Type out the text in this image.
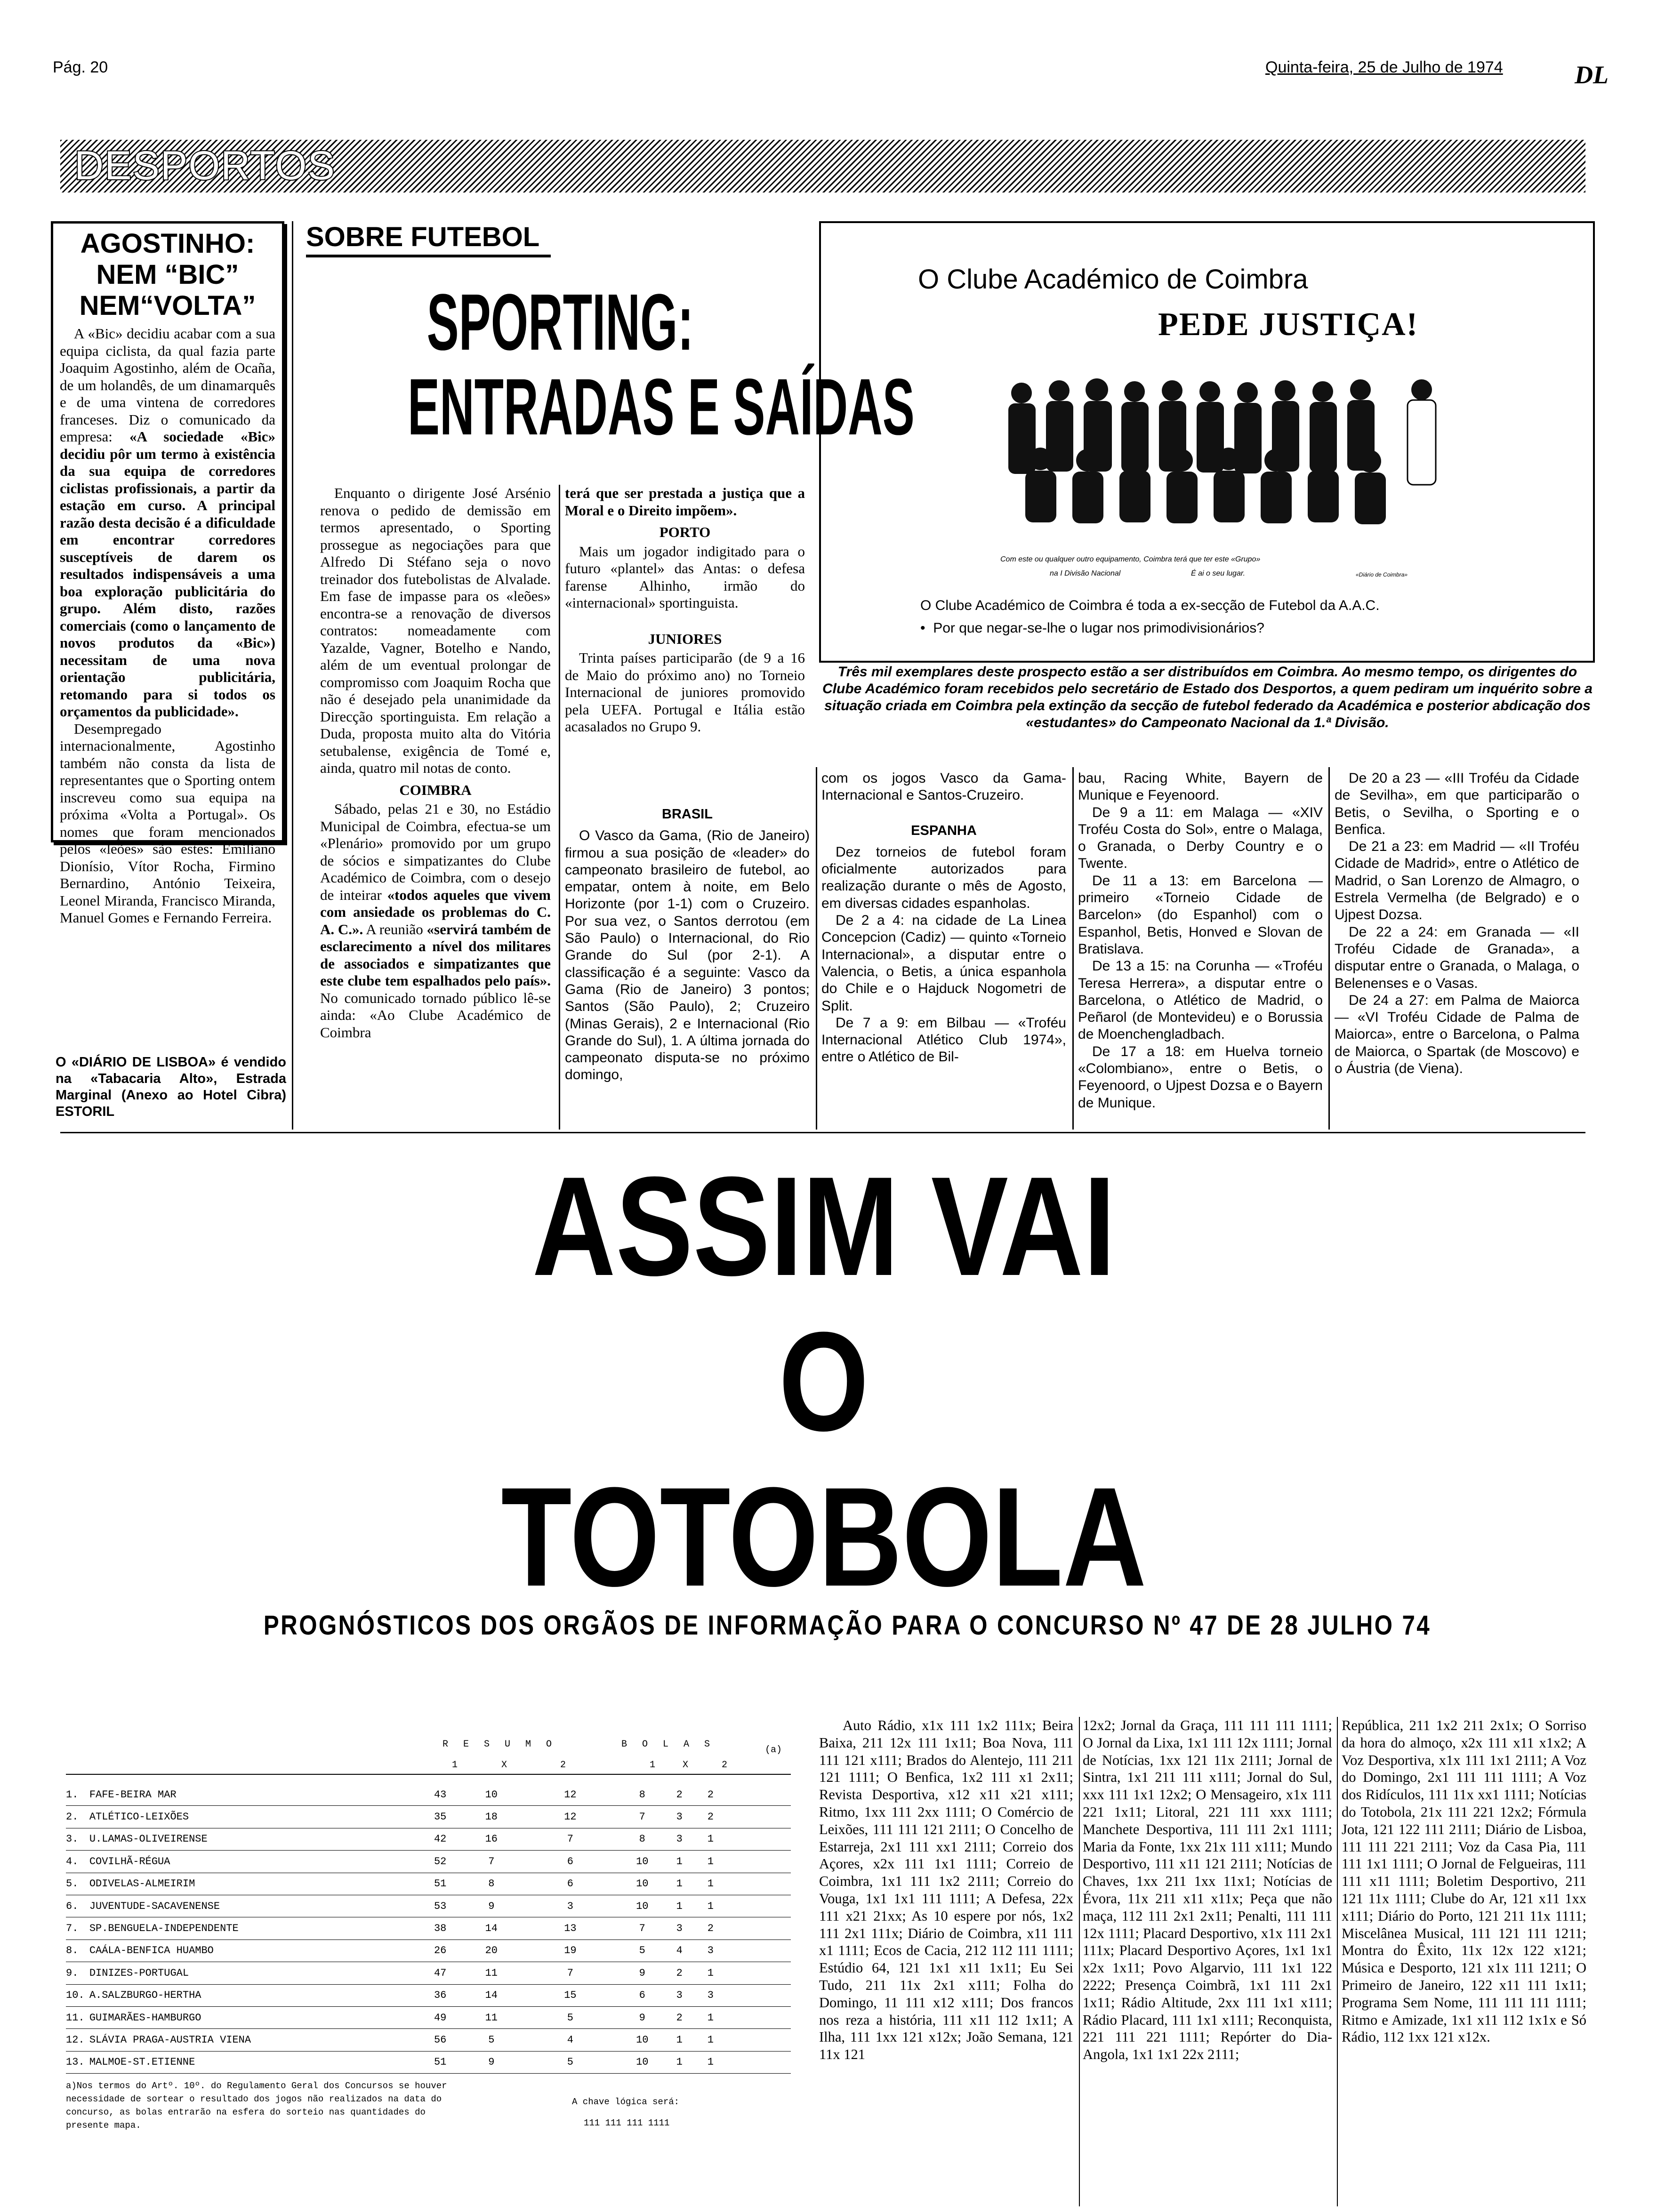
Pág. 20	Quinta-feira, 25 de Julho de 1974	DL
DESPORTOS
AGOSTINHO:
NEM “BIC”
NEM“VOLTA”

A «Bic» decidiu acabar com a sua equipa ciclista, da qual fazia parte Joaquim Agostinho, além de Ocaña, de um holandês, de um dinamarquês e de uma vintena de corredores franceses. Diz o comunicado da empresa: «A sociedade «Bic» decidiu pôr um termo à existência da sua equipa de corredores ciclistas profissionais, a partir da estação em curso. A principal razão desta decisão é a dificuldade em encontrar corredores susceptíveis de darem os resultados indispensáveis a uma boa exploração publicitária do grupo. Além disto, razões comerciais (como o lançamento de novos produtos da «Bic») necessitam de uma nova orientação publicitária, retomando para si todos os orçamentos da publicidade».

Desempregado internacionalmente, Agostinho também não consta da lista de representantes que o Sporting ontem inscreveu como sua equipa na próxima «Volta a Portugal». Os nomes que foram mencionados pelos «leões» são estes: Emiliano Dionísio, Vítor Rocha, Firmino Bernardino, António Teixeira, Leonel Miranda, Francisco Miranda, Manuel Gomes e Fernando Ferreira.

O «DIÁRIO DE LISBOA» é vendido na «Tabacaria Alto», Estrada Marginal (Anexo ao Hotel Cibra) ESTORIL
SOBRE FUTEBOL
SPORTING:
ENTRADAS E SAÍDAS

Enquanto o dirigente José Arsénio renova o pedido de demissão em termos apresentado, o Sporting prossegue as negociações para que Alfredo Di Stéfano seja o novo treinador dos futebolistas de Alvalade. Em fase de impasse para os «leões» encontra-se a renovação de diversos contratos: nomeadamente com Yazalde, Vagner, Botelho e Nando, além de um eventual prolongar de compromisso com Joaquim Rocha que não é desejado pela unanimidade da Direcção sportinguista. Em relação a Duda, proposta muito alta do Vitória setubalense, exigência de Tomé e, ainda, quatro mil notas de conto.

COIMBRA

Sábado, pelas 21 e 30, no Estádio Municipal de Coimbra, efectua-se um «Plenário» promovido por um grupo de sócios e simpatizantes do Clube Académico de Coimbra, com o desejo de inteirar «todos aqueles que vivem com ansiedade os problemas do C. A. C.». A reunião «servirá também de esclarecimento a nível dos militares de associados e simpatizantes que este clube tem espalhados pelo país». No comunicado tornado público lê-se ainda: «Ao Clube Académico de Coimbra

terá que ser prestada a justiça que a Moral e o Direito impõem».

PORTO

Mais um jogador indigitado para o futuro «plantel» das Antas: o defesa farense Alhinho, irmão do «internacional» sportinguista.

JUNIORES

Trinta países participarão (de 9 a 16 de Maio do próximo ano) no Torneio Internacional de juniores promovido pela UEFA. Portugal e Itália estão acasalados no Grupo 9.

O Clube Académico de Coimbra
PEDE JUSTIÇA!
Com este ou qualquer outro equipamento, Coimbra terá que ter este «Grupo»
na I Divisão Nacional	É ai o seu lugar.	«Diário de Coimbra»
O Clube Académico de Coimbra é toda a ex-secção de Futebol da A.A.C.
•  Por que negar-se-lhe o lugar nos primodivisionários?
Três mil exemplares deste prospecto estão a ser distribuídos em Coimbra. Ao mesmo tempo, os dirigentes do Clube Académico foram recebidos pelo secretário de Estado dos Desportos, a quem pediram um inquérito sobre a situação criada em Coimbra pela extinção da secção de futebol federado da Académica e posterior abdicação dos «estudantes» do Campeonato Nacional da 1.ª Divisão.
BRASIL

O Vasco da Gama, (Rio de Janeiro) firmou a sua posição de «leader» do campeonato brasileiro de futebol, ao empatar, ontem à noite, em Belo Horizonte (por 1-1) com o Cruzeiro. Por sua vez, o Santos derrotou (em São Paulo) o Internacional, do Rio Grande do Sul (por 2-1). A classificação é a seguinte: Vasco da Gama (Rio de Janeiro) 3 pontos; Santos (São Paulo), 2; Cruzeiro (Minas Gerais), 2 e Internacional (Rio Grande do Sul), 1. A última jornada do campeonato disputa-se no próximo domingo,

com os jogos Vasco da Gama-Internacional e Santos-Cruzeiro.

ESPANHA

Dez torneios de futebol foram oficialmente autorizados para realização durante o mês de Agosto, em diversas cidades espanholas.

De 2 a 4: na cidade de La Linea Concepcion (Cadiz) — quinto «Torneio Internacional», a disputar entre o Valencia, o Betis, a única espanhola do Chile e o Hajduck Nogometri de Split.

De 7 a 9: em Bilbau — «Troféu Internacional Atlético Club 1974», entre o Atlético de Bil-

bau, Racing White, Bayern de Munique e Feyenoord.

De 9 a 11: em Malaga — «XIV Troféu Costa do Sol», entre o Malaga, o Granada, o Derby Country e o Twente.

De 11 a 13: em Barcelona — primeiro «Torneio Cidade de Barcelon» (do Espanhol) com o Espanhol, Betis, Honved e Slovan de Bratislava.

De 13 a 15: na Corunha — «Troféu Teresa Herrera», a disputar entre o Barcelona, o Atlético de Madrid, o Peñarol (de Montevideu) e o Borussia de Moenchengladbach.

De 17 a 18: em Huelva torneio «Colombiano», entre o Betis, o Feyenoord, o Ujpest Dozsa e o Bayern de Munique.

De 20 a 23 — «III Troféu da Cidade de Sevilha», em que participarão o Betis, o Sevilha, o Sporting e o Benfica.

De 21 a 23: em Madrid — «II Troféu Cidade de Madrid», entre o Atlético de Madrid, o San Lorenzo de Almagro, o Estrela Vermelha (de Belgrado) e o Ujpest Dozsa.

De 22 a 24: em Granada — «II Troféu Cidade de Granada», a disputar entre o Granada, o Malaga, o Belenenses e o Vasas.

De 24 a 27: em Palma de Maiorca — «VI Troféu Cidade de Palma de Maiorca», entre o Barcelona, o Palma de Maiorca, o Spartak (de Moscovo) e o Áustria (de Viena).

ASSIM VAI
O
TOTOBOLA
PROGNÓSTICOS DOS ORGÃOS DE INFORMAÇÃO PARA O CONCURSO Nº 47 DE 28 JULHO 74
R E S U M O	B O L A S
(a)
1	X	2	1	X	2
1.	FAFE-BEIRA MAR	43	10	12	8	2	2
2.	ATLÉTICO-LEIXÕES	35	18	12	7	3	2
3.	U.LAMAS-OLIVEIRENSE	42	16	7	8	3	1
4.	COVILHÃ-RÉGUA	52	7	6	10	1	1
5.	ODIVELAS-ALMEIRIM	51	8	6	10	1	1
6.	JUVENTUDE-SACAVENENSE	53	9	3	10	1	1
7.	SP.BENGUELA-INDEPENDENTE	38	14	13	7	3	2
8.	CAÁLA-BENFICA HUAMBO	26	20	19	5	4	3
9.	DINIZES-PORTUGAL	47	11	7	9	2	1
10.	A.SALZBURGO-HERTHA	36	14	15	6	3	3
11.	GUIMARÃES-HAMBURGO	49	11	5	9	2	1
12.	SLÁVIA PRAGA-AUSTRIA VIENA	56	5	4	10	1	1
13.	MALMOE-ST.ETIENNE	51	9	5	10	1	1
a)Nos termos do Artº. 10º. do Regulamento Geral dos Concursos se houver necessidade de sortear o resultado dos jogos não realizados na data do concurso, as bolas entrarão na esfera do sorteio nas quantidades do presente mapa.
A chave lógica será:
111 111 111 1111
Auto Rádio, x1x 111 1x2 111x; Beira Baixa, 211 12x 111 1x11; Boa Nova, 111 111 121 x111; Brados do Alentejo, 111 211 121 1111; O Benfica, 1x2 111 x1 2x11; Revista Desportiva, x12 x11 x21 x111; Ritmo, 1xx 111 2xx 1111; O Comércio de Leixões, 111 111 121 2111; O Concelho de Estarreja, 2x1 111 xx1 2111; Correio dos Açores, x2x 111 1x1 1111; Correio de Coimbra, 1x1 111 1x2 2111; Correio do Vouga, 1x1 1x1 111 1111; A Defesa, 22x 111 x21 21xx; As 10 espere por nós, 1x2 111 2x1 111x; Diário de Coimbra, x11 111 x1 1111; Ecos de Cacia, 212 112 111 1111; Estúdio 64, 121 1x1 x11 1x11; Eu Sei Tudo, 211 11x 2x1 x111; Folha do Domingo, 11 111 x12 x111; Dos francos nos reza a história, 111 x11 112 1x11; A Ilha, 111 1xx 121 x12x; João Semana, 121 11x 121
12x2; Jornal da Graça, 111 111 111 1111; O Jornal da Lixa, 1x1 111 12x 1111; Jornal de Notícias, 1xx 121 11x 2111; Jornal de Sintra, 1x1 211 111 x111; Jornal do Sul, xxx 111 1x1 12x2; O Mensageiro, x1x 111 221 1x11; Litoral, 221 111 xxx 1111; Manchete Desportiva, 111 111 2x1 1111; Maria da Fonte, 1xx 21x 111 x111; Mundo Desportivo, 111 x11 121 2111; Notícias de Chaves, 1xx 211 1xx 11x1; Notícias de Évora, 11x 211 x11 x11x; Peça que não maça, 112 111 2x1 2x11; Penalti, 111 111 12x 1111; Placard Desportivo, x1x 111 2x1 111x; Placard Desportivo Açores, 1x1 1x1 x2x 1x11; Povo Algarvio, 111 1x1 122 2222; Presença Coimbrã, 1x1 111 2x1 1x11; Rádio Altitude, 2xx 111 1x1 x111; Rádio Placard, 111 1x1 x111; Reconquista, 221 111 221 1111; Repórter do Dia-Angola, 1x1 1x1 22x 2111;
República, 211 1x2 211 2x1x; O Sorriso da hora do almoço, x2x 111 x11 x1x2; A Voz Desportiva, x1x 111 1x1 2111; A Voz do Domingo, 2x1 111 111 1111; A Voz dos Ridículos, 111 11x xx1 1111; Notícias do Totobola, 21x 111 221 12x2; Fórmula Jota, 121 122 111 2111; Diário de Lisboa, 111 111 221 2111; Voz da Casa Pia, 111 111 1x1 1111; O Jornal de Felgueiras, 111 111 x11 1111; Boletim Desportivo, 211 121 11x 1111; Clube do Ar, 121 x11 1xx x111; Diário do Porto, 121 211 11x 1111; Miscelânea Musical, 111 121 111 1211; Montra do Êxito, 11x 12x 122 x121; Música e Desporto, 121 x1x 111 1211; O Primeiro de Janeiro, 122 x11 111 1x11; Programa Sem Nome, 111 111 111 1111; Ritmo e Amizade, 1x1 x11 112 1x1x e Só Rádio, 112 1xx 121 x12x.
